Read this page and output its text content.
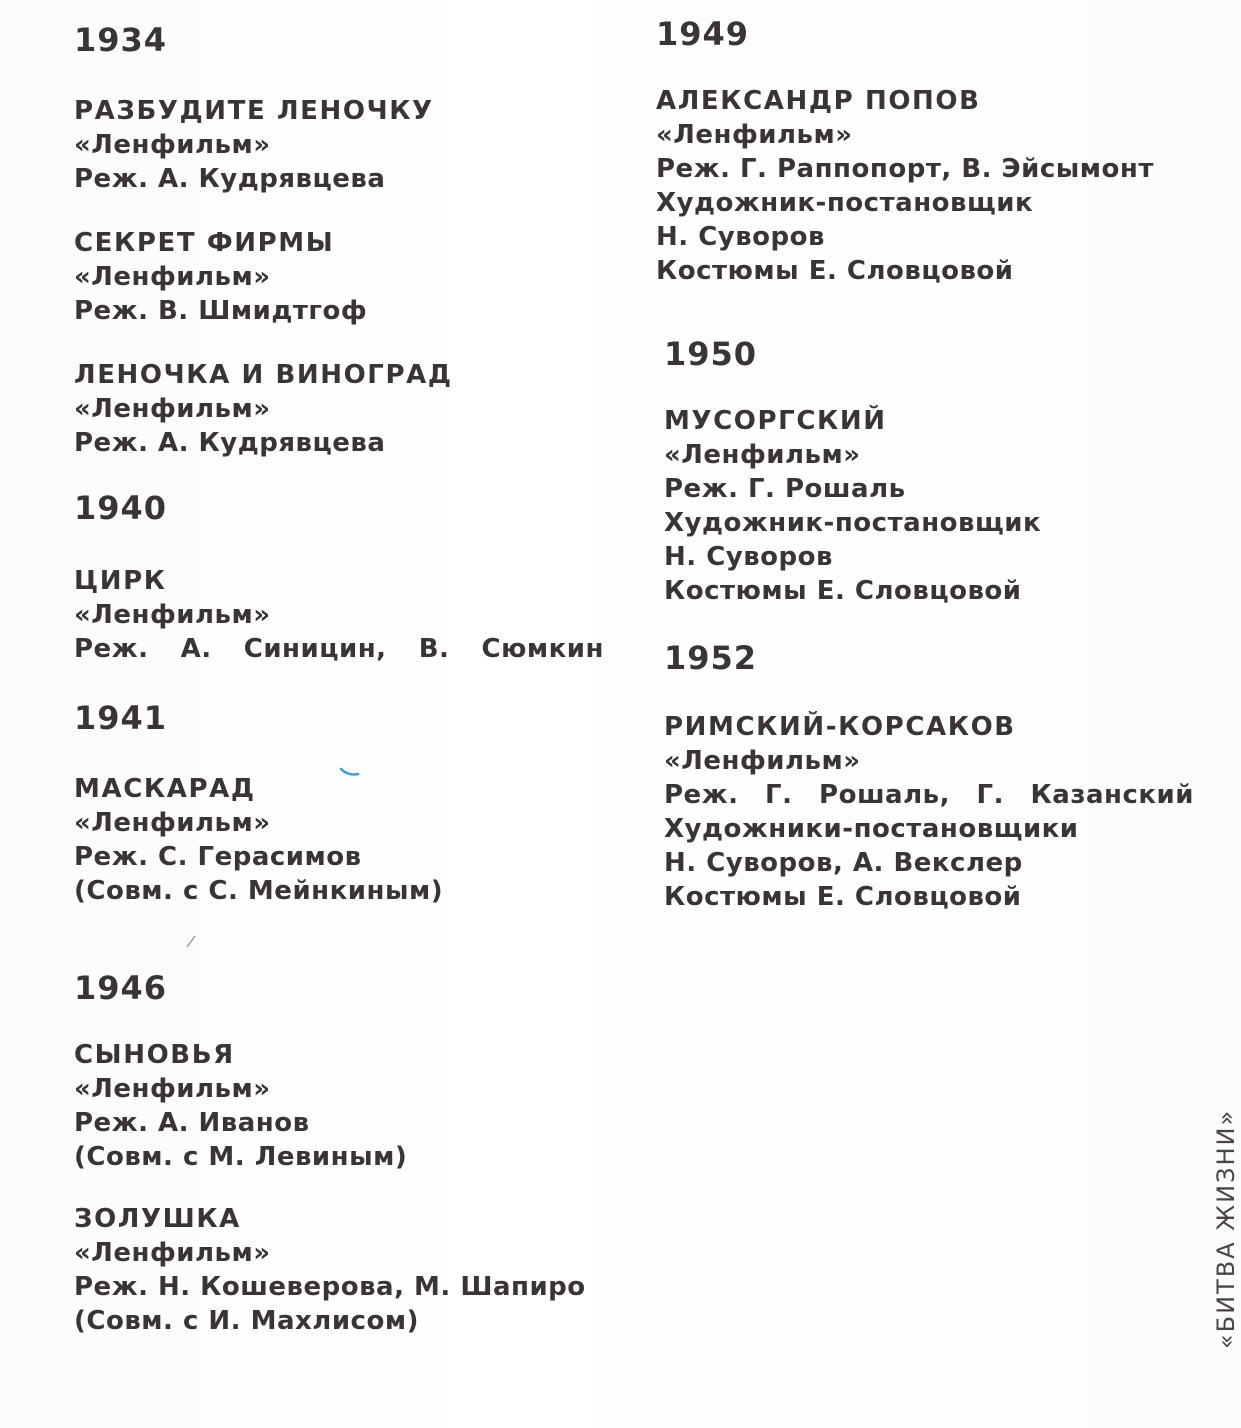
1934
РАЗБУДИТЕ ЛЕНОЧКУ
«Ленфильм»
Реж. А. Кудрявцева
СЕКРЕТ ФИРМЫ
«Ленфильм»
Реж. В. Шмидтгоф
ЛЕНОЧКА И ВИНОГРАД
«Ленфильм»
Реж. А. Кудрявцева
1940
ЦИРК
«Ленфильм»
Реж. А. Синицин, В. Сюмкин
1941
МАСКАРАД
«Ленфильм»
Реж. С. Герасимов
(Совм. с С. Мейнкиным)
1946
СЫНОВЬЯ
«Ленфильм»
Реж. А. Иванов
(Совм. с М. Левиным)
ЗОЛУШКА
«Ленфильм»
Реж. Н. Кошеверова, М. Шапиро
(Совм. с И. Махлисом)
1949
АЛЕКСАНДР ПОПОВ
«Ленфильм»
Реж. Г. Раппопорт, В. Эйсымонт
Художник-постановщик
Н. Суворов
Костюмы Е. Словцовой
1950
МУСОРГСКИЙ
«Ленфильм»
Реж. Г. Рошаль
Художник-постановщик
Н. Суворов
Костюмы Е. Словцовой
1952
РИМСКИЙ-КОРСАКОВ
«Ленфильм»
Реж. Г. Рошаль, Г. Казанский
Художники-постановщики
Н. Суворов, А. Векслер
Костюмы Е. Словцовой
«БИТВА ЖИЗНИ»
